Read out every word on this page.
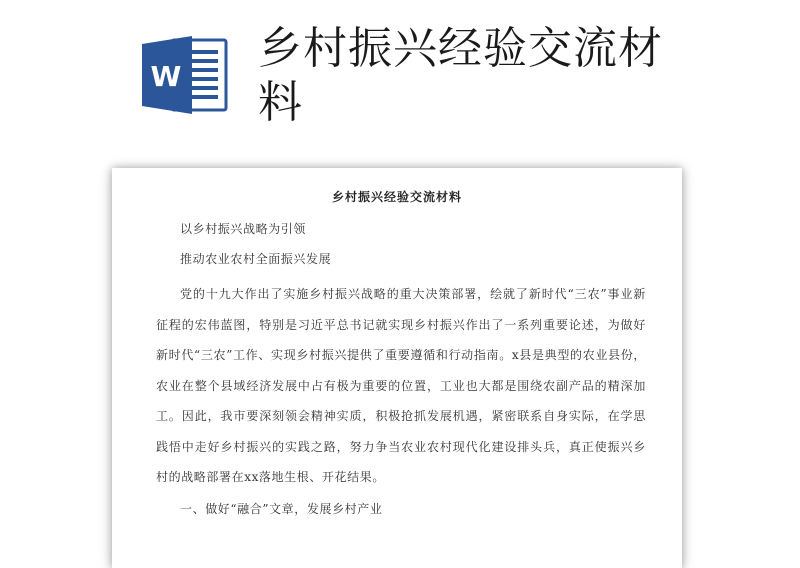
W
乡村振兴经验交流材料
乡村振兴经验交流材料
以乡村振兴战略为引领
推动农业农村全面振兴发展
党的十九大作出了实施乡村振兴战略的重大决策部署，绘就了新时代“三农”事业新征程的宏伟蓝图，特别是习近平总书记就实现乡村振兴作出了一系列重要论述，为做好新时代“三农”工作、实现乡村振兴提供了重要遵循和行动指南。x县是典型的农业县份，农业在整个县域经济发展中占有极为重要的位置，工业也大都是围绕农副产品的精深加工。因此，我市要深刻领会精神实质，积极抢抓发展机遇，紧密联系自身实际，在学思践悟中走好乡村振兴的实践之路，努力争当农业农村现代化建设排头兵，真正使振兴乡村的战略部署在xx落地生根、开花结果。
一、做好“融合”文章，发展乡村产业
